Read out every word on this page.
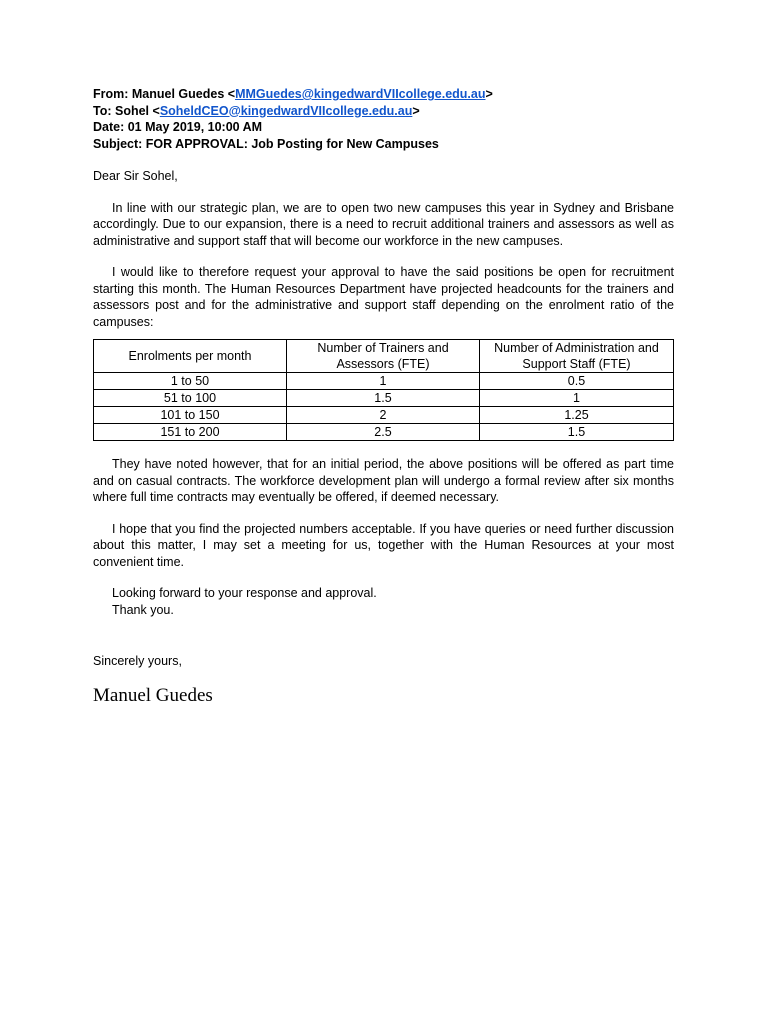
From: Manuel Guedes <MMGuedes@kingedwardVIIcollege.edu.au>
To: Sohel <SoheldCEO@kingedwardVIIcollege.edu.au>
Date: 01 May 2019, 10:00 AM
Subject: FOR APPROVAL: Job Posting for New Campuses
Dear Sir Sohel,
In line with our strategic plan, we are to open two new campuses this year in Sydney and Brisbane accordingly. Due to our expansion, there is a need to recruit additional trainers and assessors as well as administrative and support staff that will become our workforce in the new campuses.
I would like to therefore request your approval to have the said positions be open for recruitment starting this month. The Human Resources Department have projected headcounts for the trainers and assessors post and for the administrative and support staff depending on the enrolment ratio of the campuses:
Enrolments per month	Number of Trainers and Assessors (FTE)	Number of Administration and Support Staff (FTE)
1 to 50	1	0.5
51 to 100	1.5	1
101 to 150	2	1.25
151 to 200	2.5	1.5
They have noted however, that for an initial period, the above positions will be offered as part time and on casual contracts. The workforce development plan will undergo a formal review after six months where full time contracts may eventually be offered, if deemed necessary.
I hope that you find the projected numbers acceptable. If you have queries or need further discussion about this matter, I may set a meeting for us, together with the Human Resources at your most convenient time.
Looking forward to your response and approval.
Thank you.
Sincerely yours,
Manuel Guedes
